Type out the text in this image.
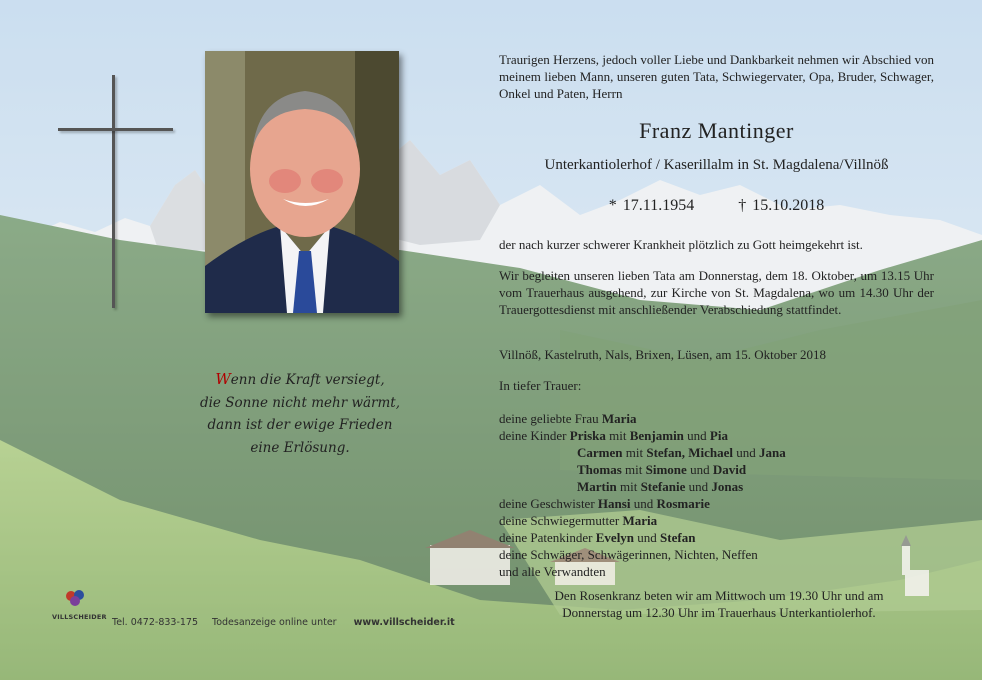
Wenn die Kraft versiegt,
die Sonne nicht mehr wärmt,
dann ist der ewige Frieden
eine Erlösung.
Traurigen Herzens, jedoch voller Liebe und Dankbarkeit nehmen wir Abschied von meinem lieben Mann, unseren guten Tata, Schwiegervater, Opa, Bruder, Schwager, Onkel und Paten, Herrn
Franz Mantinger
Unterkantiolerhof / Kaserillalm in St. Magdalena/Villnöß
* 17.11.1954	† 15.10.2018
der nach kurzer schwerer Krankheit plötzlich zu Gott heimgekehrt ist.
Wir begleiten unseren lieben Tata am Donnerstag, dem 18. Oktober, um 13.15 Uhr vom Trauerhaus ausgehend, zur Kirche von St. Magdalena, wo um 14.30 Uhr der Trauergottesdienst mit anschließender Verabschiedung stattfindet.
Villnöß, Kastelruth, Nals, Brixen, Lüsen, am 15. Oktober 2018
In tiefer Trauer:
deine geliebte Frau Maria
deine Kinder Priska mit Benjamin und Pia
Carmen mit Stefan, Michael und Jana
Thomas mit Simone und David
Martin mit Stefanie und Jonas
deine Geschwister Hansi und Rosmarie
deine Schwiegermutter Maria
deine Patenkinder Evelyn und Stefan
deine Schwäger, Schwägerinnen, Nichten, Neffen
und alle Verwandten
Den Rosenkranz beten wir am Mittwoch um 19.30 Uhr und am
Donnerstag um 12.30 Uhr im Trauerhaus Unterkantiolerhof.
VILLSCHEIDER Tel. 0472-833-175 Todesanzeige online unter www.villscheider.it
